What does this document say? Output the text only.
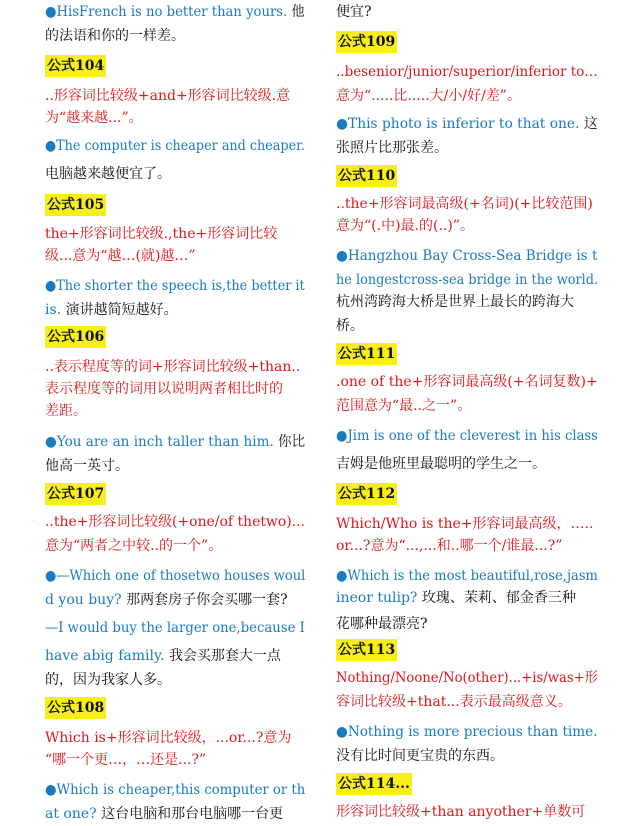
●HisFrench is no better than yours. 他
的法语和你的一样差。
公式104
..形容词比较级+and+形容词比较级.意
为“越来越...”。
●The computer is cheaper and cheaper.
电脑越来越便宜了。
公式105
the+形容词比较级.,the+形容词比较
级...意为“越…(就)越…”
●The shorter the speech is,the better it
is. 演讲越简短越好。
公式106
..表示程度等的词+形容词比较级+than..
表示程度等的词用以说明两者相比时的
差距。
●You are an inch taller than him. 你比
他高一英寸。
公式107
..the+形容词比较级(+one/of thetwo)...
意为“两者之中较..的一个”。
●—Which one of thosetwo houses woul
d you buy? 那两套房子你会买哪一套?
—I would buy the larger one,because I
have abig family. 我会买那套大一点
的，因为我家人多。
公式108
Which is+形容词比较级，...or...?意为
“哪一个更…，…还是...?”
●Which is cheaper,this computer or th
at one? 这台电脑和那台电脑哪一台更
便宜?
公式109
..besenior/junior/superior/inferior to…
意为“.....比.....大/小/好/差”。
●This photo is inferior to that one. 这
张照片比那张差。
公式110
..the+形容词最高级(+名词)(+比较范围)
意为“(.中)最.的(..)”。
●Hangzhou Bay Cross-Sea Bridge is t
he longestcross-sea bridge in the world.
杭州湾跨海大桥是世界上最长的跨海大
桥。
公式111
.one of the+形容词最高级(+名词复数)+
范围意为“最..之一”。
●Jim is one of the cleverest in his class
吉姆是他班里最聪明的学生之一。
公式112
Which/Who is the+形容词最高级，…..
or...?意为“...,...和..哪一个/谁最...?”
●Which is the most beautiful,rose,jasm
ineor tulip? 玫瑰、茉莉、郁金香三种
花哪种最漂亮?
公式113
Nothing/Noone/No(other)...+is/was+形
容词比较级+that...表示最高级意义。
●Nothing is more precious than time.
没有比时间更宝贵的东西。
公式114...
形容词比较级+than anyother+单数可
